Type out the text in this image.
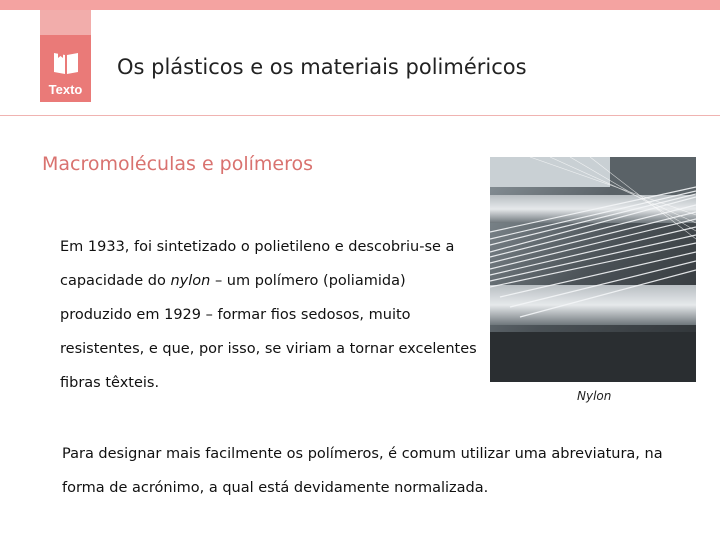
Texto
Os plásticos e os materiais poliméricos
Macromoléculas e polímeros
Em 1933, foi sintetizado o polietileno e descobriu-se a capacidade do nylon – um polímero (poliamida) produzido em 1929 – formar fios sedosos, muito resistentes, e que, por isso, se viriam a tornar excelentes fibras têxteis.
Nylon
Para designar mais facilmente os polímeros, é comum utilizar uma abreviatura, na forma de acrónimo, a qual está devidamente normalizada.
